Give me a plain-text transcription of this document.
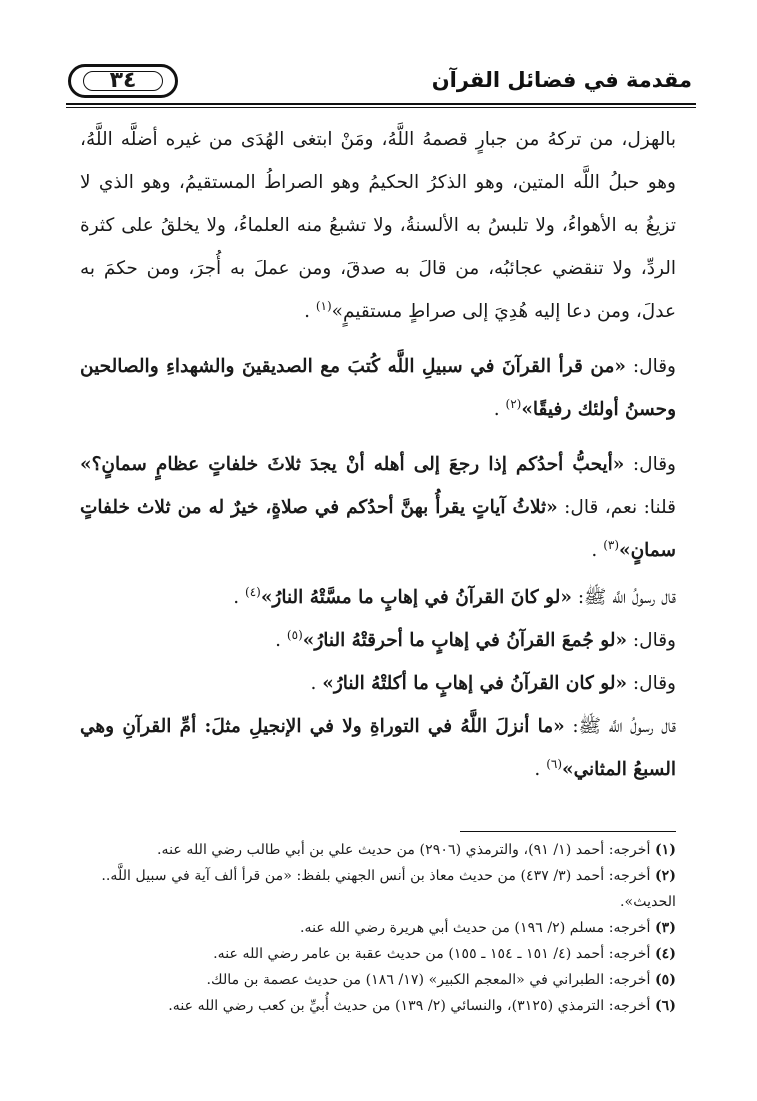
مقدمة في فضائل القرآن
٣٤

بالهزل، من تركهُ من جبارٍ قصمهُ اللَّهُ، ومَنْ ابتغى الهُدَى من غيره أضلَّه اللَّهُ، وهو حبلُ اللَّه المتين، وهو الذكرُ الحكيمُ وهو الصراطُ المستقيمُ، وهو الذي لا تزيغُ به الأهواءُ، ولا تلبسُ به الألسنةُ، ولا تشبعُ منه العلماءُ، ولا يخلقُ على كثرة الردِّ، ولا تنقضي عجائبُه، من قالَ به صدقَ، ومن عملَ به أُجرَ، ومن حكمَ به عدلَ، ومن دعا إليه هُدِيَ إلى صراطٍ مستقيمٍ»$^{(١)}$ .

وقال: «من قرأ القرآنَ في سبيلِ اللَّه كُتبَ مع الصديقينَ والشهداءِ والصالحين وحسنُ أولئك رفيقًا»$^{(٢)}$ .

وقال: «أيحبُّ أحدُكم إذا رجعَ إلى أهله أنْ يجدَ ثلاثَ خلفاتٍ عظامٍ سمانٍ؟» قلنا: نعم، قال: «ثلاثُ آياتٍ يقرأُ بهنَّ أحدُكم في صلاةٍ، خيرٌ له من ثلاث خلفاتٍ سمانٍ»$^{(٣)}$ .

قال رسولُ اللَّه ﷺ: «لو كانَ القرآنُ في إهابٍ ما مسَّتْهُ النارُ»$^{(٤)}$ .

وقال: «لو جُمعَ القرآنُ في إهابٍ ما أحرقتْهُ النارُ»$^{(٥)}$ .

وقال: «لو كان القرآنُ في إهابٍ ما أكلتْهُ النارُ» .

قال رسولُ اللَّه ﷺ: «ما أنزلَ اللَّهُ في التوراةِ ولا في الإنجيلِ مثلَ: أمِّ القرآنِ وهي السبعُ المثاني»$^{(٦)}$ .

(١) أخرجه: أحمد (١/ ٩١)، والترمذي (٢٩٠٦) من حديث علي بن أبي طالب رضي الله عنه.

(٢) أخرجه: أحمد (٣/ ٤٣٧) من حديث معاذ بن أنس الجهني بلفظ: «من قرأ ألف آية في سبيل اللَّه.. الحديث».

(٣) أخرجه: مسلم (٢/ ١٩٦) من حديث أبي هريرة رضي الله عنه.

(٤) أخرجه: أحمد (٤/ ١٥١ ـ ١٥٤ ـ ١٥٥) من حديث عقبة بن عامر رضي الله عنه.

(٥) أخرجه: الطبراني في «المعجم الكبير» (١٧/ ١٨٦) من حديث عصمة بن مالك.

(٦) أخرجه: الترمذي (٣١٢٥)، والنسائي (٢/ ١٣٩) من حديث أُبيِّ بن كعب رضي الله عنه.
